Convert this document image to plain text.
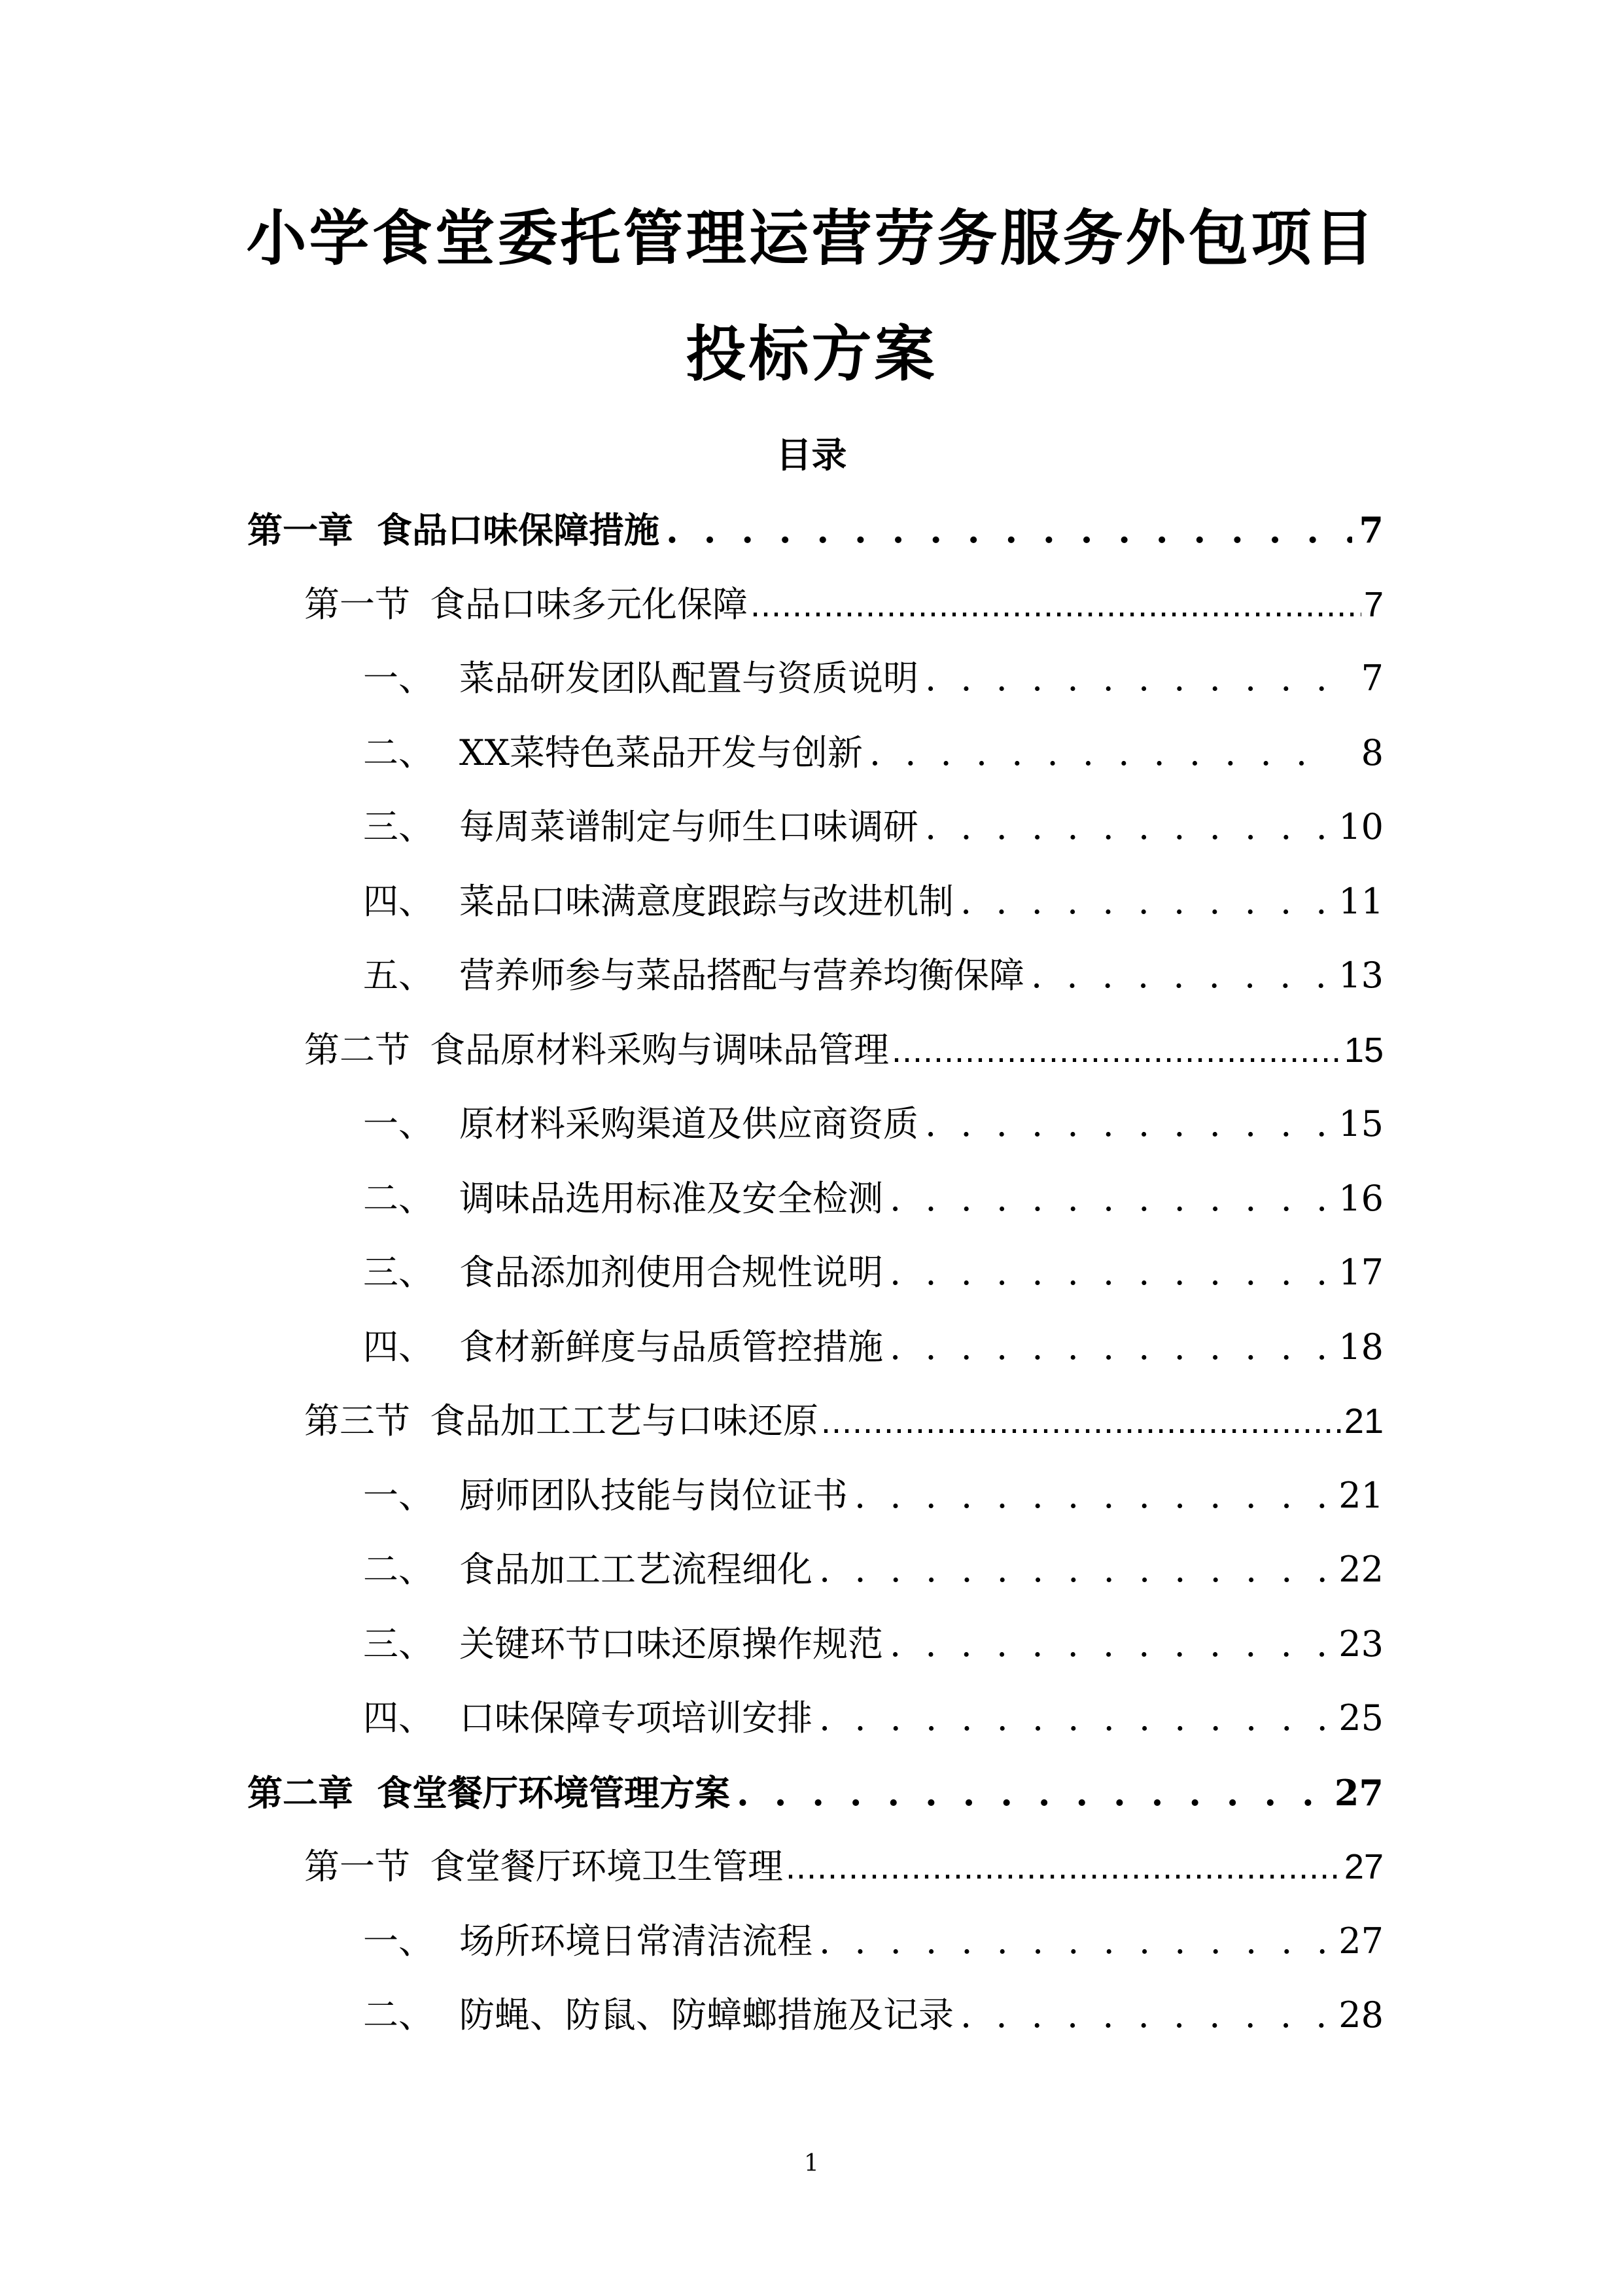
小学食堂委托管理运营劳务服务外包项目
投标方案
目录
第一章 食品口味保障措施 . . .	7
第一节 食品口味多元化保障 .....	7
一、 菜品研发团队配置与资质说明 . . .	7
二、 XX菜特色菜品开发与创新 . . .	8
三、 每周菜谱制定与师生口味调研 . . .	10
四、 菜品口味满意度跟踪与改进机制 . . .	11
五、 营养师参与菜品搭配与营养均衡保障 . . .	13
第二节 食品原材料采购与调味品管理 .....	15
一、 原材料采购渠道及供应商资质 . . .	15
二、 调味品选用标准及安全检测 . . .	16
三、 食品添加剂使用合规性说明 . . .	17
四、 食材新鲜度与品质管控措施 . . .	18
第三节 食品加工工艺与口味还原 .....	21
一、 厨师团队技能与岗位证书 . . .	21
二、 食品加工工艺流程细化 . . .	22
三、 关键环节口味还原操作规范 . . .	23
四、 口味保障专项培训安排 . . .	25
第二章 食堂餐厅环境管理方案 . . .	27
第一节 食堂餐厅环境卫生管理 .....	27
一、 场所环境日常清洁流程 . . .	27
二、 防蝇、防鼠、防蟑螂措施及记录 . . .	28
1
